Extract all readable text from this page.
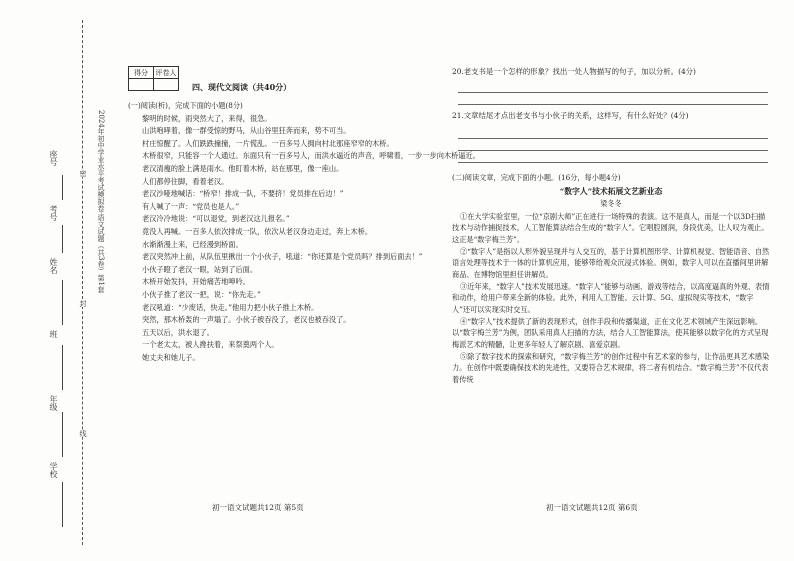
2024年初中学业水平考试模拟卷·语文试题（共3卷）第1套
座号
考号
姓名
班
年级
学校
密
封
线
得分	评卷人

四、现代文阅读（共40分）

(一)阅读(析)，完成下面的小题(8分)

黎明的时候，雨突然大了，来得，很急。

山洪咆哮着，像一群受惊的野马，从山谷里狂奔而来，势不可当。

村庄惊醒了。人们跌跌撞撞，一片慌乱。一百多号人拥向村北那座窄窄的木桥。

木桥很窄，只能容一个人通过。东面只有一百多号人，而洪水逼近的声音，呼啸着，一步一步向木桥逼近。

老汉清瘦的脸上满是雨水。他盯着木桥，站在那里，像一座山。

人们都停住脚，看着老汉。

老汉沙哑地喊话：“桥窄！排成一队，不要挤！党员排在后边！”

有人喊了一声：“党员也是人。”

老汉冷冷地说：“可以退党，到老汉这儿报名。”

竟没人再喊。一百多人依次排成一队，依次从老汉身边走过，奔上木桥。

水渐渐漫上来，已经漫到桥面。

老汉突然冲上前，从队伍里揪出一个小伙子，吼道：“你还算是个党员吗？排到后面去！”

小伙子瞪了老汉一眼，站到了后面。

木桥开始发抖，开始痛苦地呻吟。

小伙子推了老汉一把，说：“你先走。”

老汉吼道：“少废话，快走。”他用力把小伙子推上木桥。

突然，那木桥轰的一声塌了。小伙子被吞没了，老汉也被吞没了。

五天以后，洪水退了。

一个老太太，被人搀扶着，来祭奠两个人。

她丈夫和她儿子。

初一语文试题共12页 第5页
20.老支书是一个怎样的形象？找出一处人物描写的句子，加以分析。(4分)
21.文章结尾才点出老支书与小伙子的关系，这样写，有什么好处？(4分)

(二)阅读文章，完成下面的小题。(16分，每小题4分)

“数字人”技术拓展文艺新业态

梁冬冬

①在大学实验室里，一位“京剧大师”正在进行一场特殊的表演。这不是真人，而是一个以3D扫描技术与动作捕捉技术，人工智能算法结合生成的“数字人”。它唱腔圆润，身段优美，让人叹为观止。这正是“数字梅兰芳”。
②“数字人”是指以人形外貌呈现并与人交互的，基于计算机图形学、计算机视觉、智能语音、自然语言处理等技术于一体的计算机应用，能够带给观众沉浸式体验。例如，数字人可以在直播间里讲解商品、在博物馆里担任讲解员。
③近年来，“数字人”技术发展迅速。“数字人”能够与动画、游戏等结合，以高度逼真的外观、表情和动作，给用户带来全新的体验。此外，利用人工智能、云计算、5G、虚拟现实等技术，“数字人”还可以实现实时交互。
④“数字人”技术提供了新的表现形式，创作手段和传播渠道，正在文化艺术领域产生深远影响。以“数字梅兰芳”为例，团队采用真人扫描的方法，结合人工智能算法，使其能够以数字化的方式呈现梅派艺术的精髓，让更多年轻人了解京剧、喜爱京剧。
⑤除了数字技术的探索和研究，“数字梅兰芳”的创作过程中有艺术家的参与，让作品更具艺术感染力。在创作中既要确保技术的先进性，又要符合艺术规律，将二者有机结合。“数字梅兰芳”不仅代表着传统
初一语文试题共12页 第6页
